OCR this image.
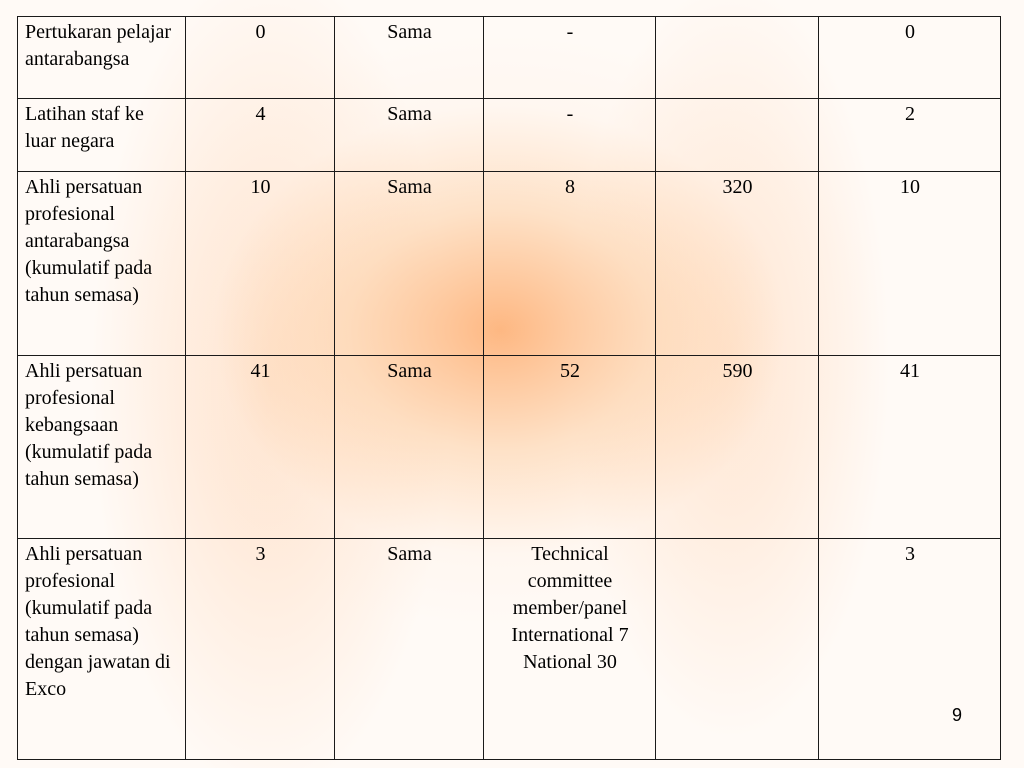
Pertukaran pelajar antarabangsa	0	Sama	-		0
Latihan staf ke luar negara	4	Sama	-		2
Ahli persatuan profesional antarabangsa (kumulatif pada tahun semasa)	10	Sama	8	320	10
Ahli persatuan profesional kebangsaan (kumulatif pada tahun semasa)	41	Sama	52	590	41
Ahli persatuan profesional (kumulatif pada tahun semasa) dengan jawatan di Exco	3	Sama	Technical committee member/panel International 7 National 30		3
9
